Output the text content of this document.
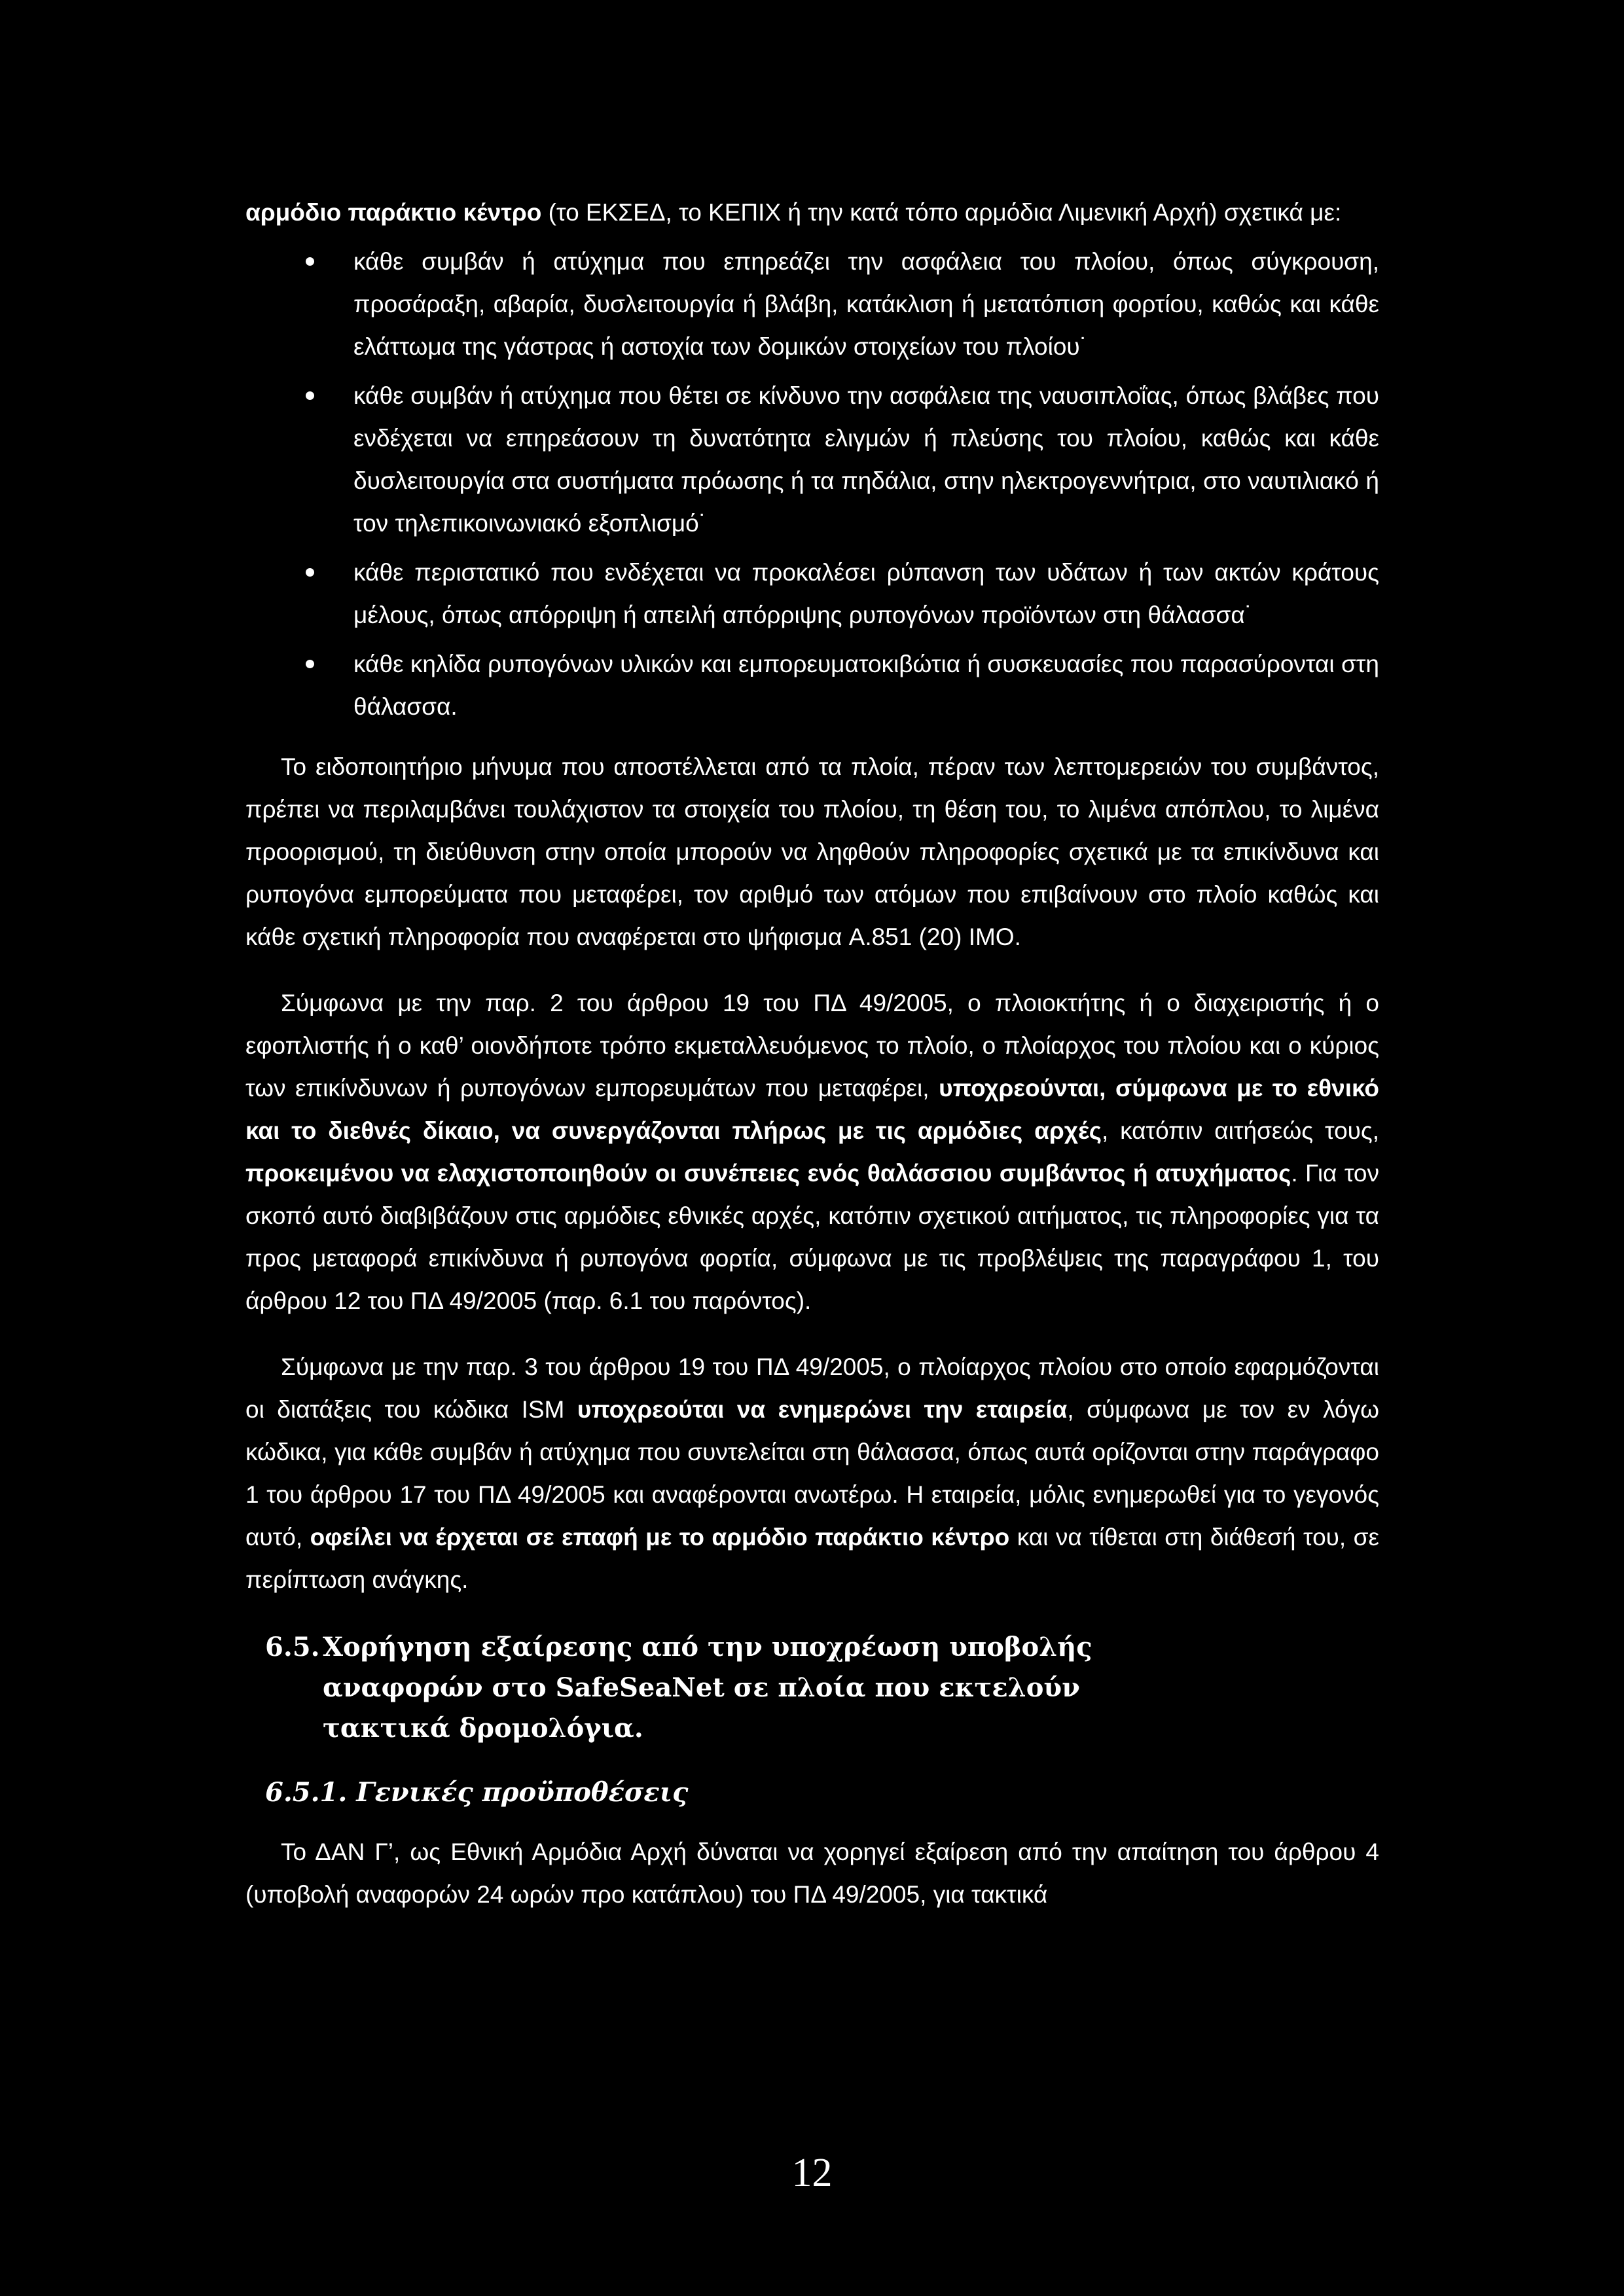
αρμόδιο παράκτιο κέντρο (το ΕΚΣΕΔ, το ΚΕΠΙΧ ή την κατά τόπο αρμόδια Λιμενική Αρχή) σχετικά με:

κάθε συμβάν ή ατύχημα που επηρεάζει την ασφάλεια του πλοίου, όπως σύγκρουση, προσάραξη, αβαρία, δυσλειτουργία ή βλάβη, κατάκλιση ή μετατόπιση φορτίου, καθώς και κάθε ελάττωμα της γάστρας ή αστοχία των δομικών στοιχείων του πλοίου˙
κάθε συμβάν ή ατύχημα που θέτει σε κίνδυνο την ασφάλεια της ναυσιπλοΐας, όπως βλάβες που ενδέχεται να επηρεάσουν τη δυνατότητα ελιγμών ή πλεύσης του πλοίου, καθώς και κάθε δυσλειτουργία στα συστήματα πρόωσης ή τα πηδάλια, στην ηλεκτρογεννήτρια, στο ναυτιλιακό ή τον τηλεπικοινωνιακό εξοπλισμό˙
κάθε περιστατικό που ενδέχεται να προκαλέσει ρύπανση των υδάτων ή των ακτών κράτους μέλους, όπως απόρριψη ή απειλή απόρριψης ρυπογόνων προϊόντων στη θάλασσα˙
κάθε κηλίδα ρυπογόνων υλικών και εμπορευματοκιβώτια ή συσκευασίες που παρασύρονται στη θάλασσα.

Το ειδοποιητήριο μήνυμα που αποστέλλεται από τα πλοία, πέραν των λεπτομερειών του συμβάντος, πρέπει να περιλαμβάνει τουλάχιστον τα στοιχεία του πλοίου, τη θέση του, το λιμένα απόπλου, το λιμένα προορισμού, τη διεύθυνση στην οποία μπορούν να ληφθούν πληροφορίες σχετικά με τα επικίνδυνα και ρυπογόνα εμπορεύματα που μεταφέρει, τον αριθμό των ατόμων που επιβαίνουν στο πλοίο καθώς και κάθε σχετική πληροφορία που αναφέρεται στο ψήφισμα A.851 (20) IMO.

Σύμφωνα με την παρ. 2 του άρθρου 19 του ΠΔ 49/2005, ο πλοιοκτήτης ή ο διαχειριστής ή ο εφοπλιστής ή ο καθ’ οιονδήποτε τρόπο εκμεταλλευόμενος το πλοίο, ο πλοίαρχος του πλοίου και ο κύριος των επικίνδυνων ή ρυπογόνων εμπορευμάτων που μεταφέρει, υποχρεούνται, σύμφωνα με το εθνικό και το διεθνές δίκαιο, να συνεργάζονται πλήρως με τις αρμόδιες αρχές, κατόπιν αιτήσεώς τους, προκειμένου να ελαχιστοποιηθούν οι συνέπειες ενός θαλάσσιου συμβάντος ή ατυχήματος. Για τον σκοπό αυτό διαβιβάζουν στις αρμόδιες εθνικές αρχές, κατόπιν σχετικού αιτήματος, τις πληροφορίες για τα προς μεταφορά επικίνδυνα ή ρυπογόνα φορτία, σύμφωνα με τις προβλέψεις της παραγράφου 1, του άρθρου 12 του ΠΔ 49/2005 (παρ. 6.1 του παρόντος).

Σύμφωνα με την παρ. 3 του άρθρου 19 του ΠΔ 49/2005, ο πλοίαρχος πλοίου στο οποίο εφαρμόζονται οι διατάξεις του κώδικα ISM υποχρεούται να ενημερώνει την εταιρεία, σύμφωνα με τον εν λόγω κώδικα, για κάθε συμβάν ή ατύχημα που συντελείται στη θάλασσα, όπως αυτά ορίζονται στην παράγραφο 1 του άρθρου 17 του ΠΔ 49/2005 και αναφέρονται ανωτέρω. Η εταιρεία, μόλις ενημερωθεί για το γεγονός αυτό, οφείλει να έρχεται σε επαφή με το αρμόδιο παράκτιο κέντρο και να τίθεται στη διάθεσή του, σε περίπτωση ανάγκης.

6.5. Χορήγηση εξαίρεσης από την υποχρέωση υποβολής αναφορών στο SafeSeaNet σε πλοία που εκτελούν τακτικά δρομολόγια.
6.5.1. Γενικές προϋποθέσεις

Το ΔΑΝ Γ’, ως Εθνική Αρμόδια Αρχή δύναται να χορηγεί εξαίρεση από την απαίτηση του άρθρου 4 (υποβολή αναφορών 24 ωρών προ κατάπλου) του ΠΔ 49/2005, για τακτικά

12
